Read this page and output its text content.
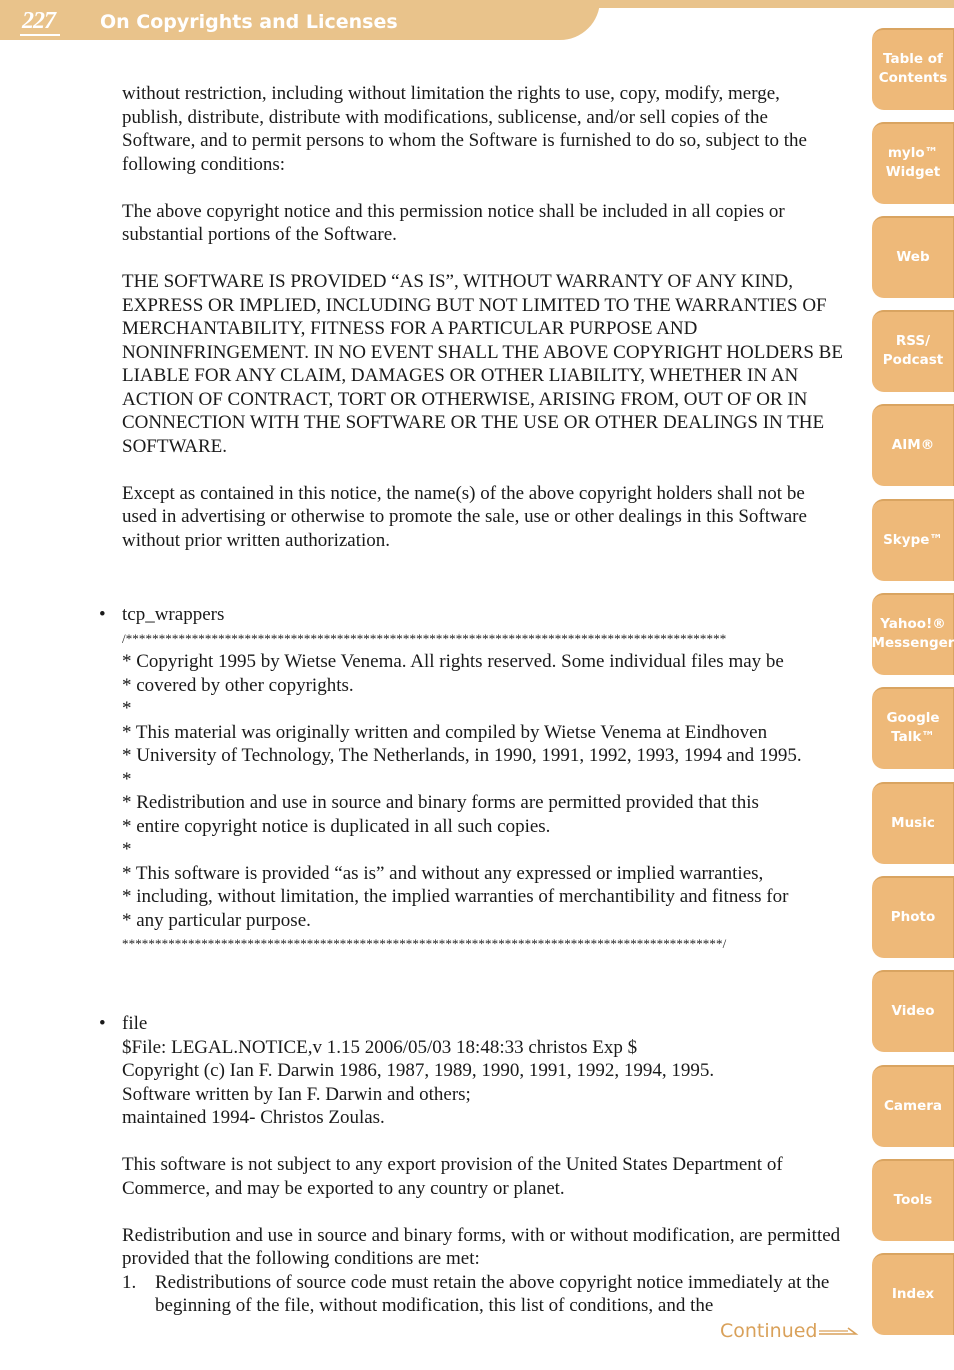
227 On Copyrights and Licenses

without restriction, including without limitation the rights to use, copy, modify, merge, publish, distribute, distribute with modifications, sublicense, and/or sell copies of the Software, and to permit persons to whom the Software is furnished to do so, subject to the following conditions:

The above copyright notice and this permission notice shall be included in all copies or substantial portions of the Software.

THE SOFTWARE IS PROVIDED “AS IS”, WITHOUT WARRANTY OF ANY KIND, EXPRESS OR IMPLIED, INCLUDING BUT NOT LIMITED TO THE WARRANTIES OF MERCHANTABILITY, FITNESS FOR A PARTICULAR PURPOSE AND NONINFRINGEMENT. IN NO EVENT SHALL THE ABOVE COPYRIGHT HOLDERS BE LIABLE FOR ANY CLAIM, DAMAGES OR OTHER LIABILITY, WHETHER IN AN ACTION OF CONTRACT, TORT OR OTHERWISE, ARISING FROM, OUT OF OR IN CONNECTION WITH THE SOFTWARE OR THE USE OR OTHER DEALINGS IN THE SOFTWARE.

Except as contained in this notice, the name(s) of the above copyright holders shall not be used in advertising or otherwise to promote the sale, use or other dealings in this Software without prior written authorization.

• tcp_wrappers
/*******************************************************************************************
* Copyright 1995 by Wietse Venema. All rights reserved. Some individual files may be
* covered by other copyrights.
*
* This material was originally written and compiled by Wietse Venema at Eindhoven
* University of Technology, The Netherlands, in 1990, 1991, 1992, 1993, 1994 and 1995.
*
* Redistribution and use in source and binary forms are permitted provided that this
* entire copyright notice is duplicated in all such copies.
*
* This software is provided “as is” and without any expressed or implied warranties,
* including, without limitation, the implied warranties of merchantibility and fitness for
* any particular purpose.
*******************************************************************************************/
• file
$File: LEGAL.NOTICE,v 1.15 2006/05/03 18:48:33 christos Exp $
Copyright (c) Ian F. Darwin 1986, 1987, 1989, 1990, 1991, 1992, 1994, 1995.
Software written by Ian F. Darwin and others;
maintained 1994- Christos Zoulas.

This software is not subject to any export provision of the United States Department of Commerce, and may be exported to any country or planet.

Redistribution and use in source and binary forms, with or without modification, are permitted provided that the following conditions are met:
1. Redistributions of source code must retain the above copyright notice immediately at the beginning of the file, without modification, this list of conditions, and the
Table of
Contents
mylo™
Widget
Web
RSS/
Podcast
AIM®
Skype™
Yahoo!®
Messenger
Google
Talk™
Music
Photo
Video
Camera
Tools
Index
Continued
